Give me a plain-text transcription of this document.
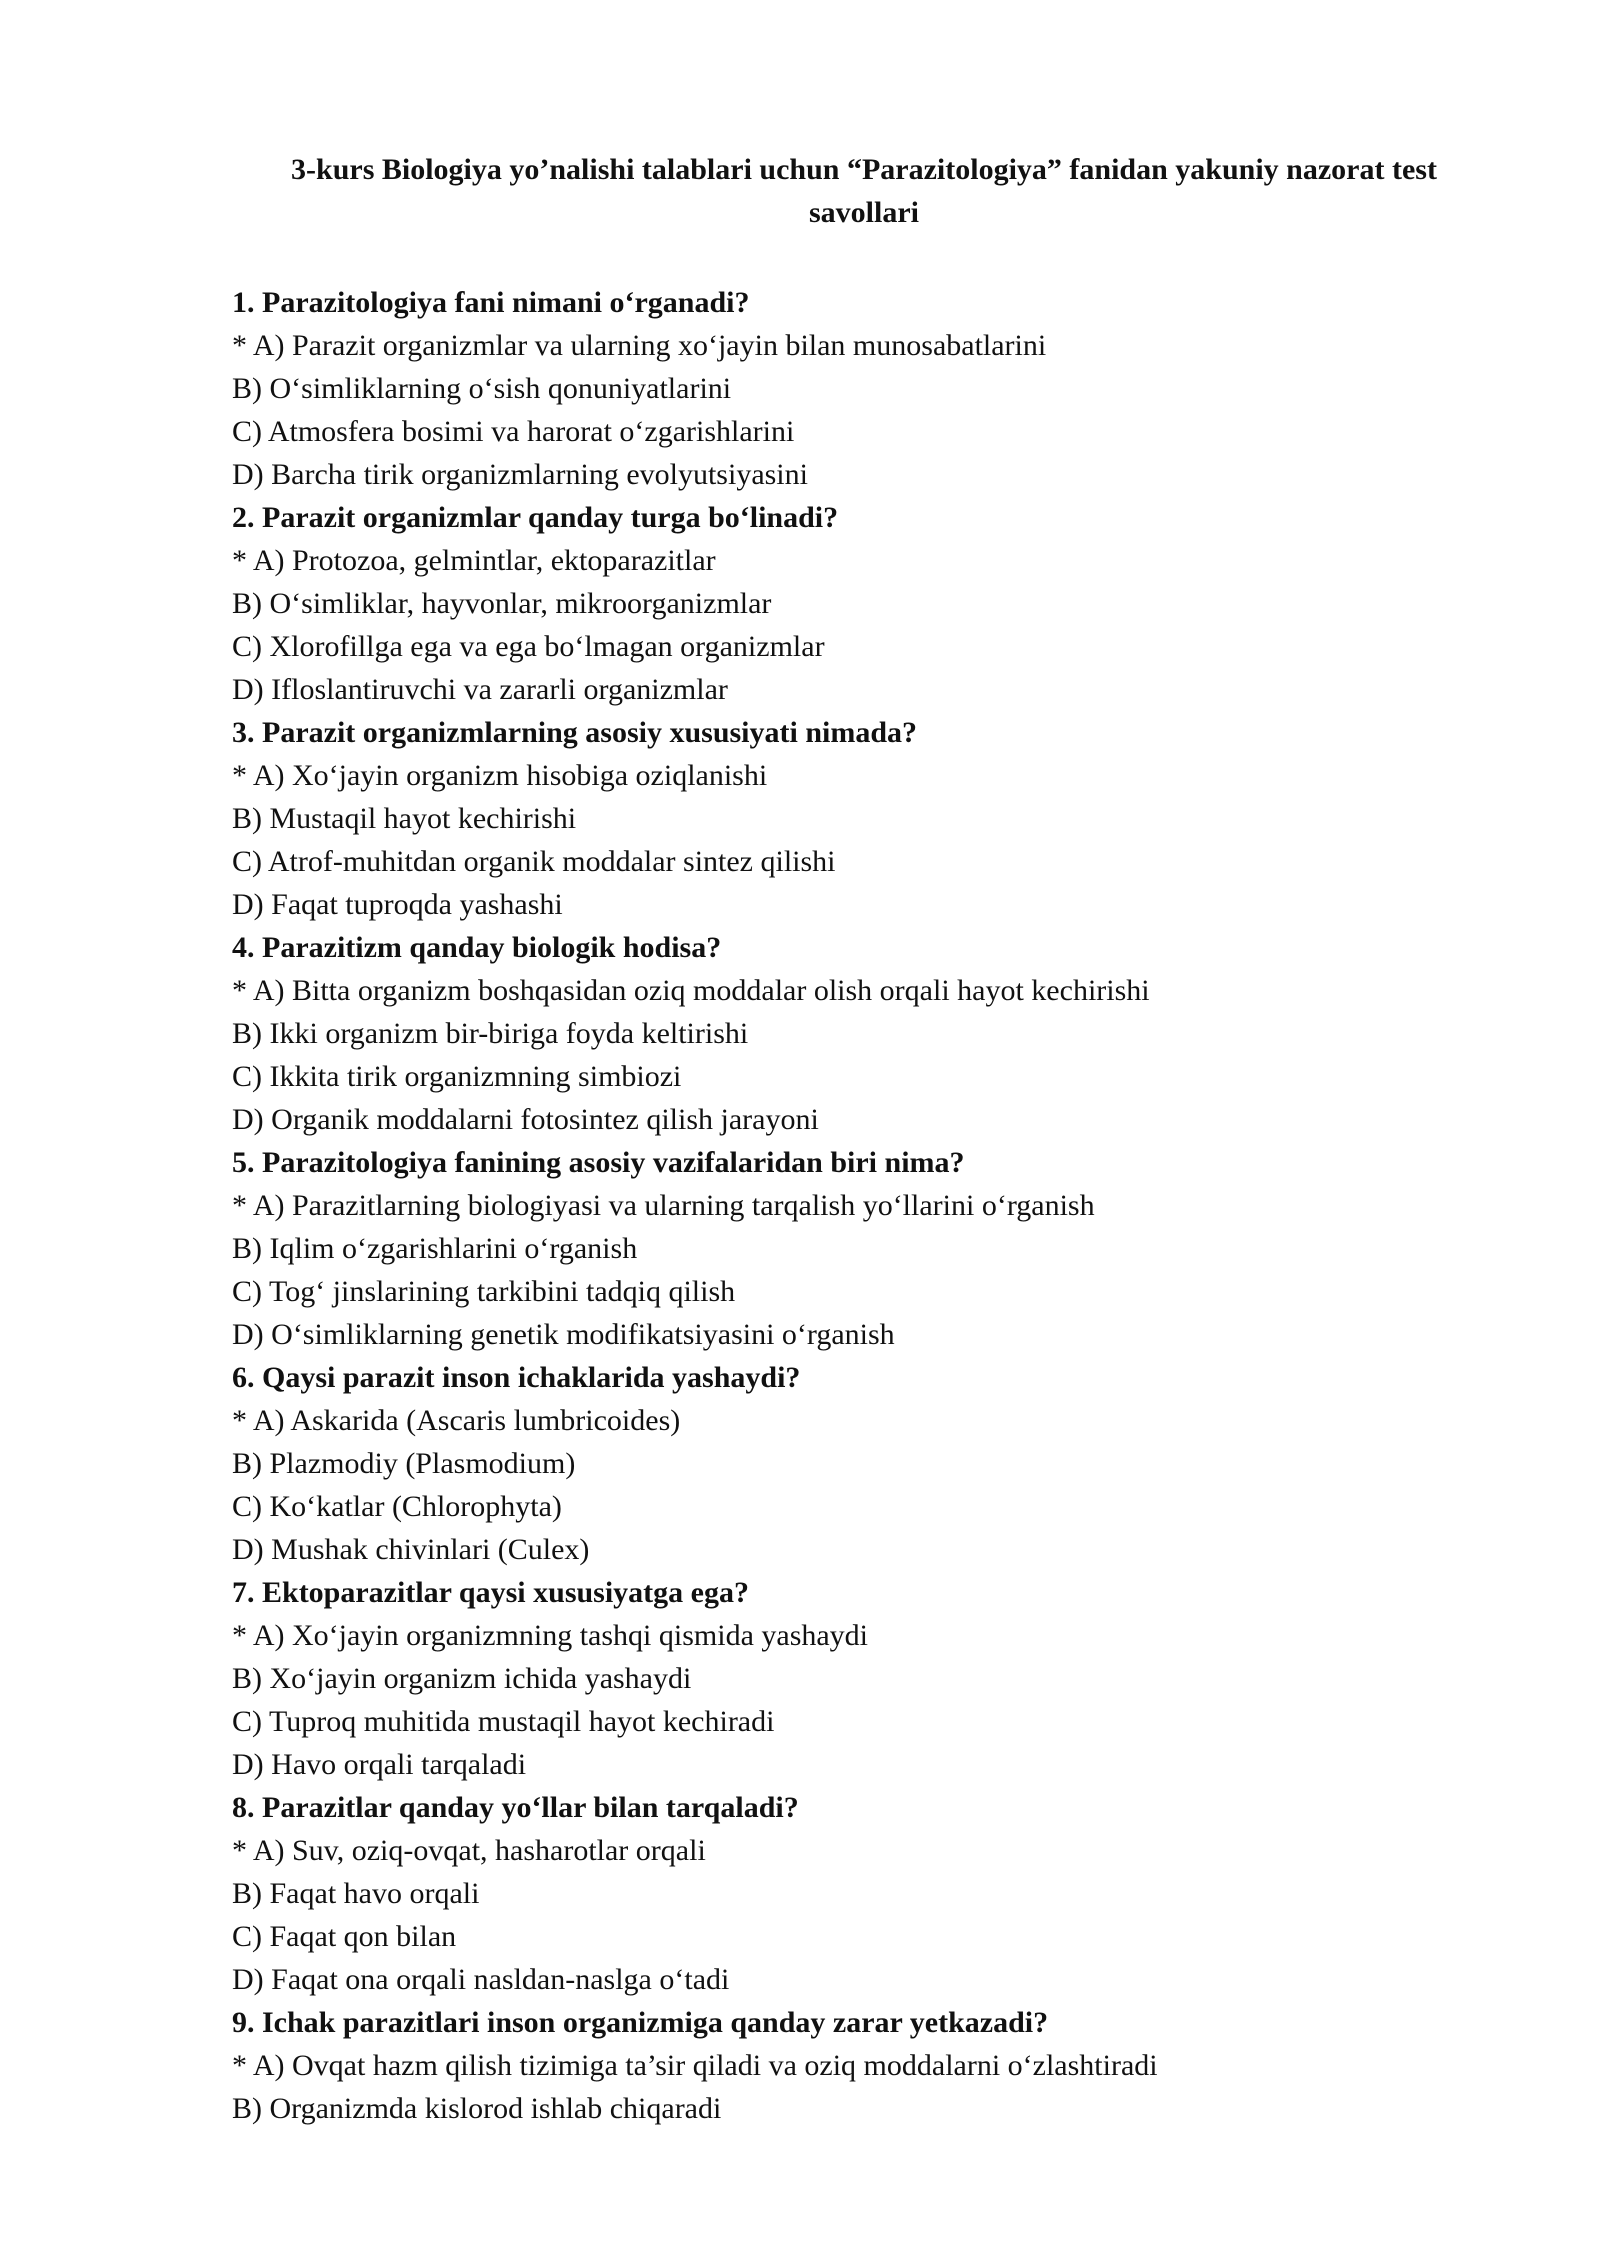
3-kurs Biologiya yo’nalishi talablari uchun “Parazitologiya” fanidan yakuniy nazorat test
savollari
1. Parazitologiya fani nimani o‘rganadi?
* A) Parazit organizmlar va ularning xo‘jayin bilan munosabatlarini
B) O‘simliklarning o‘sish qonuniyatlarini
C) Atmosfera bosimi va harorat o‘zgarishlarini
D) Barcha tirik organizmlarning evolyutsiyasini
2. Parazit organizmlar qanday turga bo‘linadi?
* A) Protozoa, gelmintlar, ektoparazitlar
B) O‘simliklar, hayvonlar, mikroorganizmlar
C) Xlorofillga ega va ega bo‘lmagan organizmlar
D) Ifloslantiruvchi va zararli organizmlar
3. Parazit organizmlarning asosiy xususiyati nimada?
* A) Xo‘jayin organizm hisobiga oziqlanishi
B) Mustaqil hayot kechirishi
C) Atrof-muhitdan organik moddalar sintez qilishi
D) Faqat tuproqda yashashi
4. Parazitizm qanday biologik hodisa?
* A) Bitta organizm boshqasidan oziq moddalar olish orqali hayot kechirishi
B) Ikki organizm bir-biriga foyda keltirishi
C) Ikkita tirik organizmning simbiozi
D) Organik moddalarni fotosintez qilish jarayoni
5. Parazitologiya fanining asosiy vazifalaridan biri nima?
* A) Parazitlarning biologiyasi va ularning tarqalish yo‘llarini o‘rganish
B) Iqlim o‘zgarishlarini o‘rganish
C) Tog‘ jinslarining tarkibini tadqiq qilish
D) O‘simliklarning genetik modifikatsiyasini o‘rganish
6. Qaysi parazit inson ichaklarida yashaydi?
* A) Askarida (Ascaris lumbricoides)
B) Plazmodiy (Plasmodium)
C) Ko‘katlar (Chlorophyta)
D) Mushak chivinlari (Culex)
7. Ektoparazitlar qaysi xususiyatga ega?
* A) Xo‘jayin organizmning tashqi qismida yashaydi
B) Xo‘jayin organizm ichida yashaydi
C) Tuproq muhitida mustaqil hayot kechiradi
D) Havo orqali tarqaladi
8. Parazitlar qanday yo‘llar bilan tarqaladi?
* A) Suv, oziq-ovqat, hasharotlar orqali
B) Faqat havo orqali
C) Faqat qon bilan
D) Faqat ona orqali nasldan-naslga o‘tadi
9. Ichak parazitlari inson organizmiga qanday zarar yetkazadi?
* A) Ovqat hazm qilish tizimiga ta’sir qiladi va oziq moddalarni o‘zlashtiradi
B) Organizmda kislorod ishlab chiqaradi
